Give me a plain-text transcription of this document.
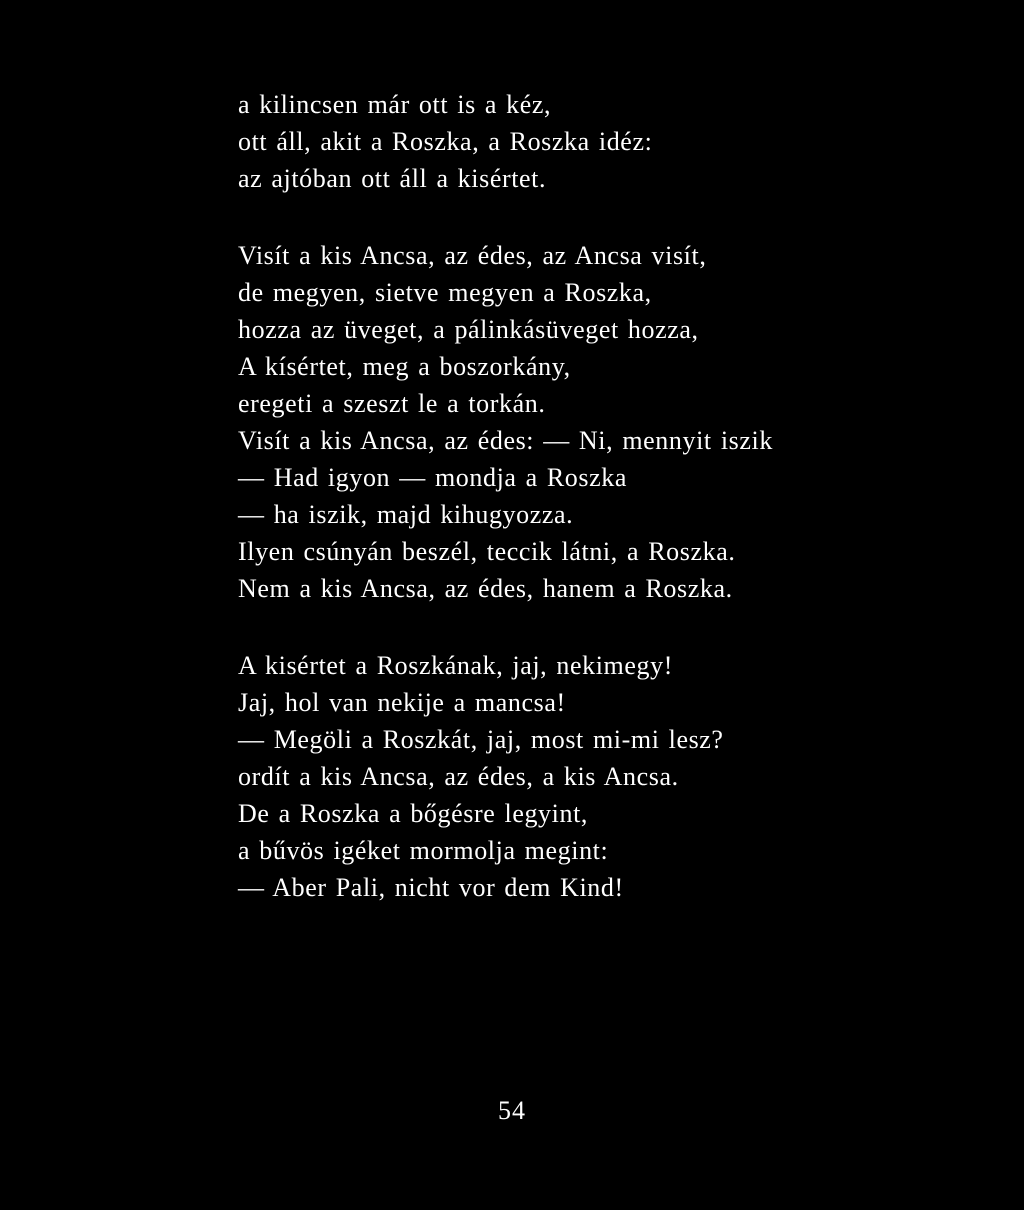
a kilincsen már ott is a kéz,
ott áll, akit a Roszka, a Roszka idéz:
az ajtóban ott áll a kisértet.
Visít a kis Ancsa, az édes, az Ancsa visít,
de megyen, sietve megyen a Roszka,
hozza az üveget, a pálinkásüveget hozza,
A kísértet, meg a boszorkány,
eregeti a szeszt le a torkán.
Visít a kis Ancsa, az édes: — Ni, mennyit iszik
— Had igyon — mondja a Roszka
— ha iszik, majd kihugyozza.
Ilyen csúnyán beszél, teccik látni, a Roszka.
Nem a kis Ancsa, az édes, hanem a Roszka.
A kisértet a Roszkának, jaj, nekimegy!
Jaj, hol van nekije a mancsa!
— Megöli a Roszkát, jaj, most mi-mi lesz?
ordít a kis Ancsa, az édes, a kis Ancsa.
De a Roszka a bőgésre legyint,
a bűvös igéket mormolja megint:
— Aber Pali, nicht vor dem Kind!
54
